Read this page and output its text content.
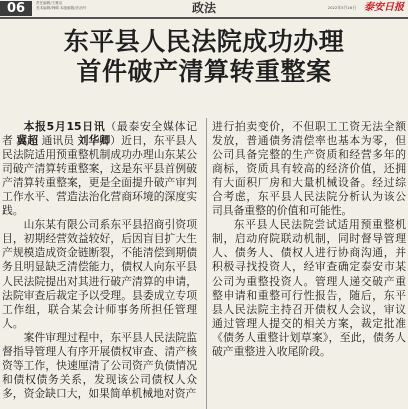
06	责任编辑/王雅洁
美术编辑/韩佩 本版邮箱/法治号	政法	2022年5月16日 泰安日报
东平县人民法院成功办理
首件破产清算转重整案

本报5月15日讯（最泰安全媒体记者 冀超 通讯员 刘华卿）近日，东平县人民法院适用预重整机制成功办理山东某公司破产清算转重整案，这是东平县首例破产清算转重整案，更是全面提升破产审判工作水平、营造法治化营商环境的深度实践。

山东某有限公司系东平县招商引资项目，初期经营效益较好，后因盲目扩大生产规模造成资金链断裂，不能清偿到期债务且明显缺乏清偿能力，债权人向东平县人民法院提出对其进行破产清算的申请，法院审查后裁定予以受理。县委成立专项工作组，联合某会计师事务所担任管理人。

案件审理过程中，东平县人民法院监督指导管理人有序开展债权审查、清产核资等工作，快速厘清了公司资产负债情况和债权债务关系，发现该公司债权人众多，资金缺口大，如果简单机械地对资产

进行拍卖变价，不但职工工资无法全额发放，普通债务清偿率也基本为零，但公司具备完整的生产资质和经营多年的商标，资质具有较高的经济价值，还拥有大面积厂房和大量机械设备。经过综合考虑，东平县人民法院分析认为该公司具备重整的价值和可能性。

东平县人民法院尝试适用预重整机制，启动府院联动机制，同时督导管理人、债务人、债权人进行协商沟通，并积极寻找投资人，经审查确定泰安市某公司为重整投资人。管理人递交破产重整申请和重整可行性报告，随后，东平县人民法院主持召开债权人会议，审议通过管理人提交的相关方案，裁定批准《债务人重整计划草案》，至此，债务人破产重整进入收尾阶段。
